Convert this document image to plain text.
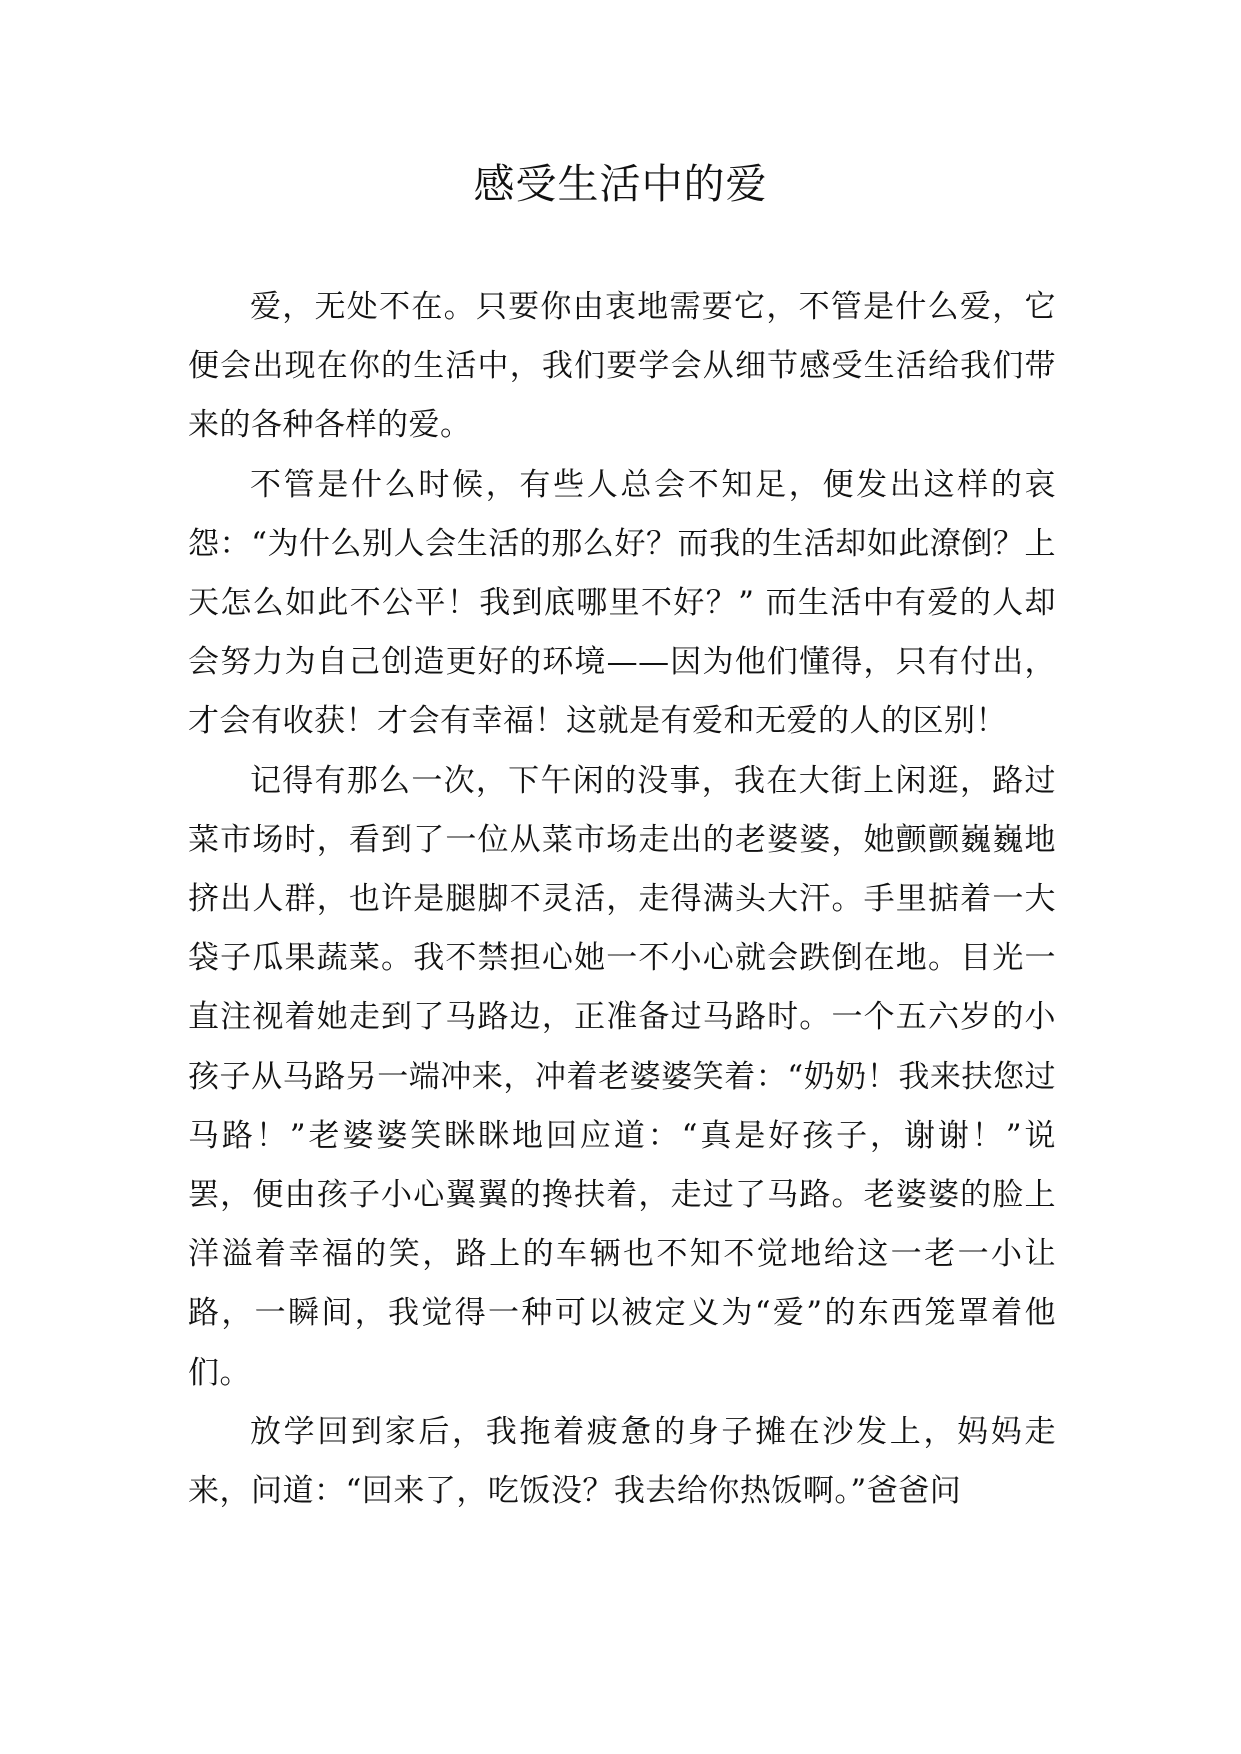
感受生活中的爱

爱，无处不在。只要你由衷地需要它，不管是什么爱，它便会出现在你的生活中，我们要学会从细节感受生活给我们带来的各种各样的爱。

不管是什么时候，有些人总会不知足，便发出这样的哀怨：“为什么别人会生活的那么好？而我的生活却如此潦倒？上天怎么如此不公平！我到底哪里不好？” 而生活中有爱的人却会努力为自己创造更好的环境——因为他们懂得，只有付出，才会有收获！才会有幸福！这就是有爱和无爱的人的区别！

记得有那么一次，下午闲的没事，我在大街上闲逛，路过菜市场时，看到了一位从菜市场走出的老婆婆，她颤颤巍巍地挤出人群，也许是腿脚不灵活，走得满头大汗。手里掂着一大袋子瓜果蔬菜。我不禁担心她一不小心就会跌倒在地。目光一直注视着她走到了马路边，正准备过马路时。一个五六岁的小孩子从马路另一端冲来，冲着老婆婆笑着：“奶奶！我来扶您过马路！”老婆婆笑眯眯地回应道：“真是好孩子，谢谢！”说罢，便由孩子小心翼翼的搀扶着，走过了马路。老婆婆的脸上洋溢着幸福的笑，路上的车辆也不知不觉地给这一老一小让路，一瞬间，我觉得一种可以被定义为“爱”的东西笼罩着他们。

放学回到家后，我拖着疲惫的身子摊在沙发上，妈妈走来，问道：“回来了，吃饭没？我去给你热饭啊。”爸爸问
